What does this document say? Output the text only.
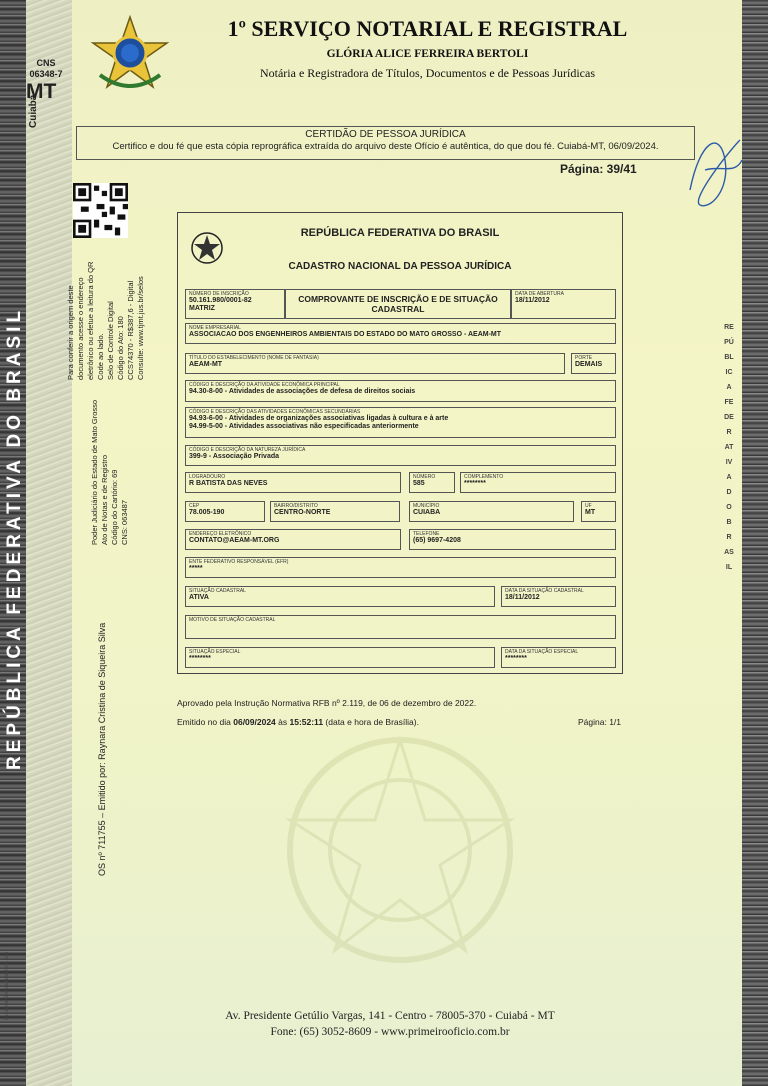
REPÚBLICA FEDERATIVA DO BRASIL	REPÚBLICA FEDERATIVA DO BRASIL
1º SERVIÇO NOTARIAL E REGISTRAL
GLÓRIA ALICE FERREIRA BERTOLI
Notária e Registradora de Títulos, Documentos e de Pessoas Jurídicas
CNS
06348-7
MT
Cuiabá
CERTIDÃO DE PESSOA JURÍDICA
Certifico e dou fé que esta cópia reprográfica extraída do arquivo deste Ofício é autêntica, do que dou fé. Cuiabá-MT, 06/09/2024.
Página: 39/41
Para conferir a origem deste documento acesse o endereço eletrônico ou efetue a leitura do QR Code ao lado. Selo de Controle Digital Código do Ato: 180 CCS74370 - R$387,6 - Digital Consulte: www.tjmt.jus.br/selos
Poder Judiciário do Estado de Mato Grosso Ato de Notas e de Registro Código do Cartório: 69 CNS: 063487
OS nº 711755 – Emitido por: Raynara Cristina de Siqueira Silva
Indústria Gráfica Brasileira S/A
REPÚBLICA FEDERATIVA DO BRASIL
CADASTRO NACIONAL DA PESSOA JURÍDICA
NÚMERO DE INSCRIÇÃO
50.161.980/0001-82
MATRIZ
COMPROVANTE DE INSCRIÇÃO E DE SITUAÇÃO CADASTRAL
DATA DE ABERTURA
18/11/2012
NOME EMPRESARIAL
ASSOCIACAO DOS ENGENHEIROS AMBIENTAIS DO ESTADO DO MATO GROSSO - AEAM-MT
TÍTULO DO ESTABELECIMENTO (NOME DE FANTASIA)
AEAM-MT
PORTE
DEMAIS
CÓDIGO E DESCRIÇÃO DA ATIVIDADE ECONÔMICA PRINCIPAL
94.30-8-00 - Atividades de associações de defesa de direitos sociais
CÓDIGO E DESCRIÇÃO DAS ATIVIDADES ECONÔMICAS SECUNDÁRIAS
94.93-6-00 - Atividades de organizações associativas ligadas à cultura e à arte
94.99-5-00 - Atividades associativas não especificadas anteriormente
CÓDIGO E DESCRIÇÃO DA NATUREZA JURÍDICA
399-9 - Associação Privada
LOGRADOURO
R BATISTA DAS NEVES
NÚMERO
585
COMPLEMENTO
********
CEP
78.005-190
BAIRRO/DISTRITO
CENTRO-NORTE
MUNICÍPIO
CUIABA
UF
MT
ENDEREÇO ELETRÔNICO
CONTATO@AEAM-MT.ORG
TELEFONE
(65) 9697-4208
ENTE FEDERATIVO RESPONSÁVEL (EFR)
*****
SITUAÇÃO CADASTRAL
ATIVA
DATA DA SITUAÇÃO CADASTRAL
18/11/2012
MOTIVO DE SITUAÇÃO CADASTRAL
SITUAÇÃO ESPECIAL
********
DATA DA SITUAÇÃO ESPECIAL
********
Aprovado pela Instrução Normativa RFB nº 2.119, de 06 de dezembro de 2022.
Emitido no dia 06/09/2024 às 15:52:11 (data e hora de Brasília).	Página: 1/1
Av. Presidente Getúlio Vargas, 141 - Centro - 78005-370 - Cuiabá - MT
Fone: (65) 3052-8609 - www.primeirooficio.com.br
